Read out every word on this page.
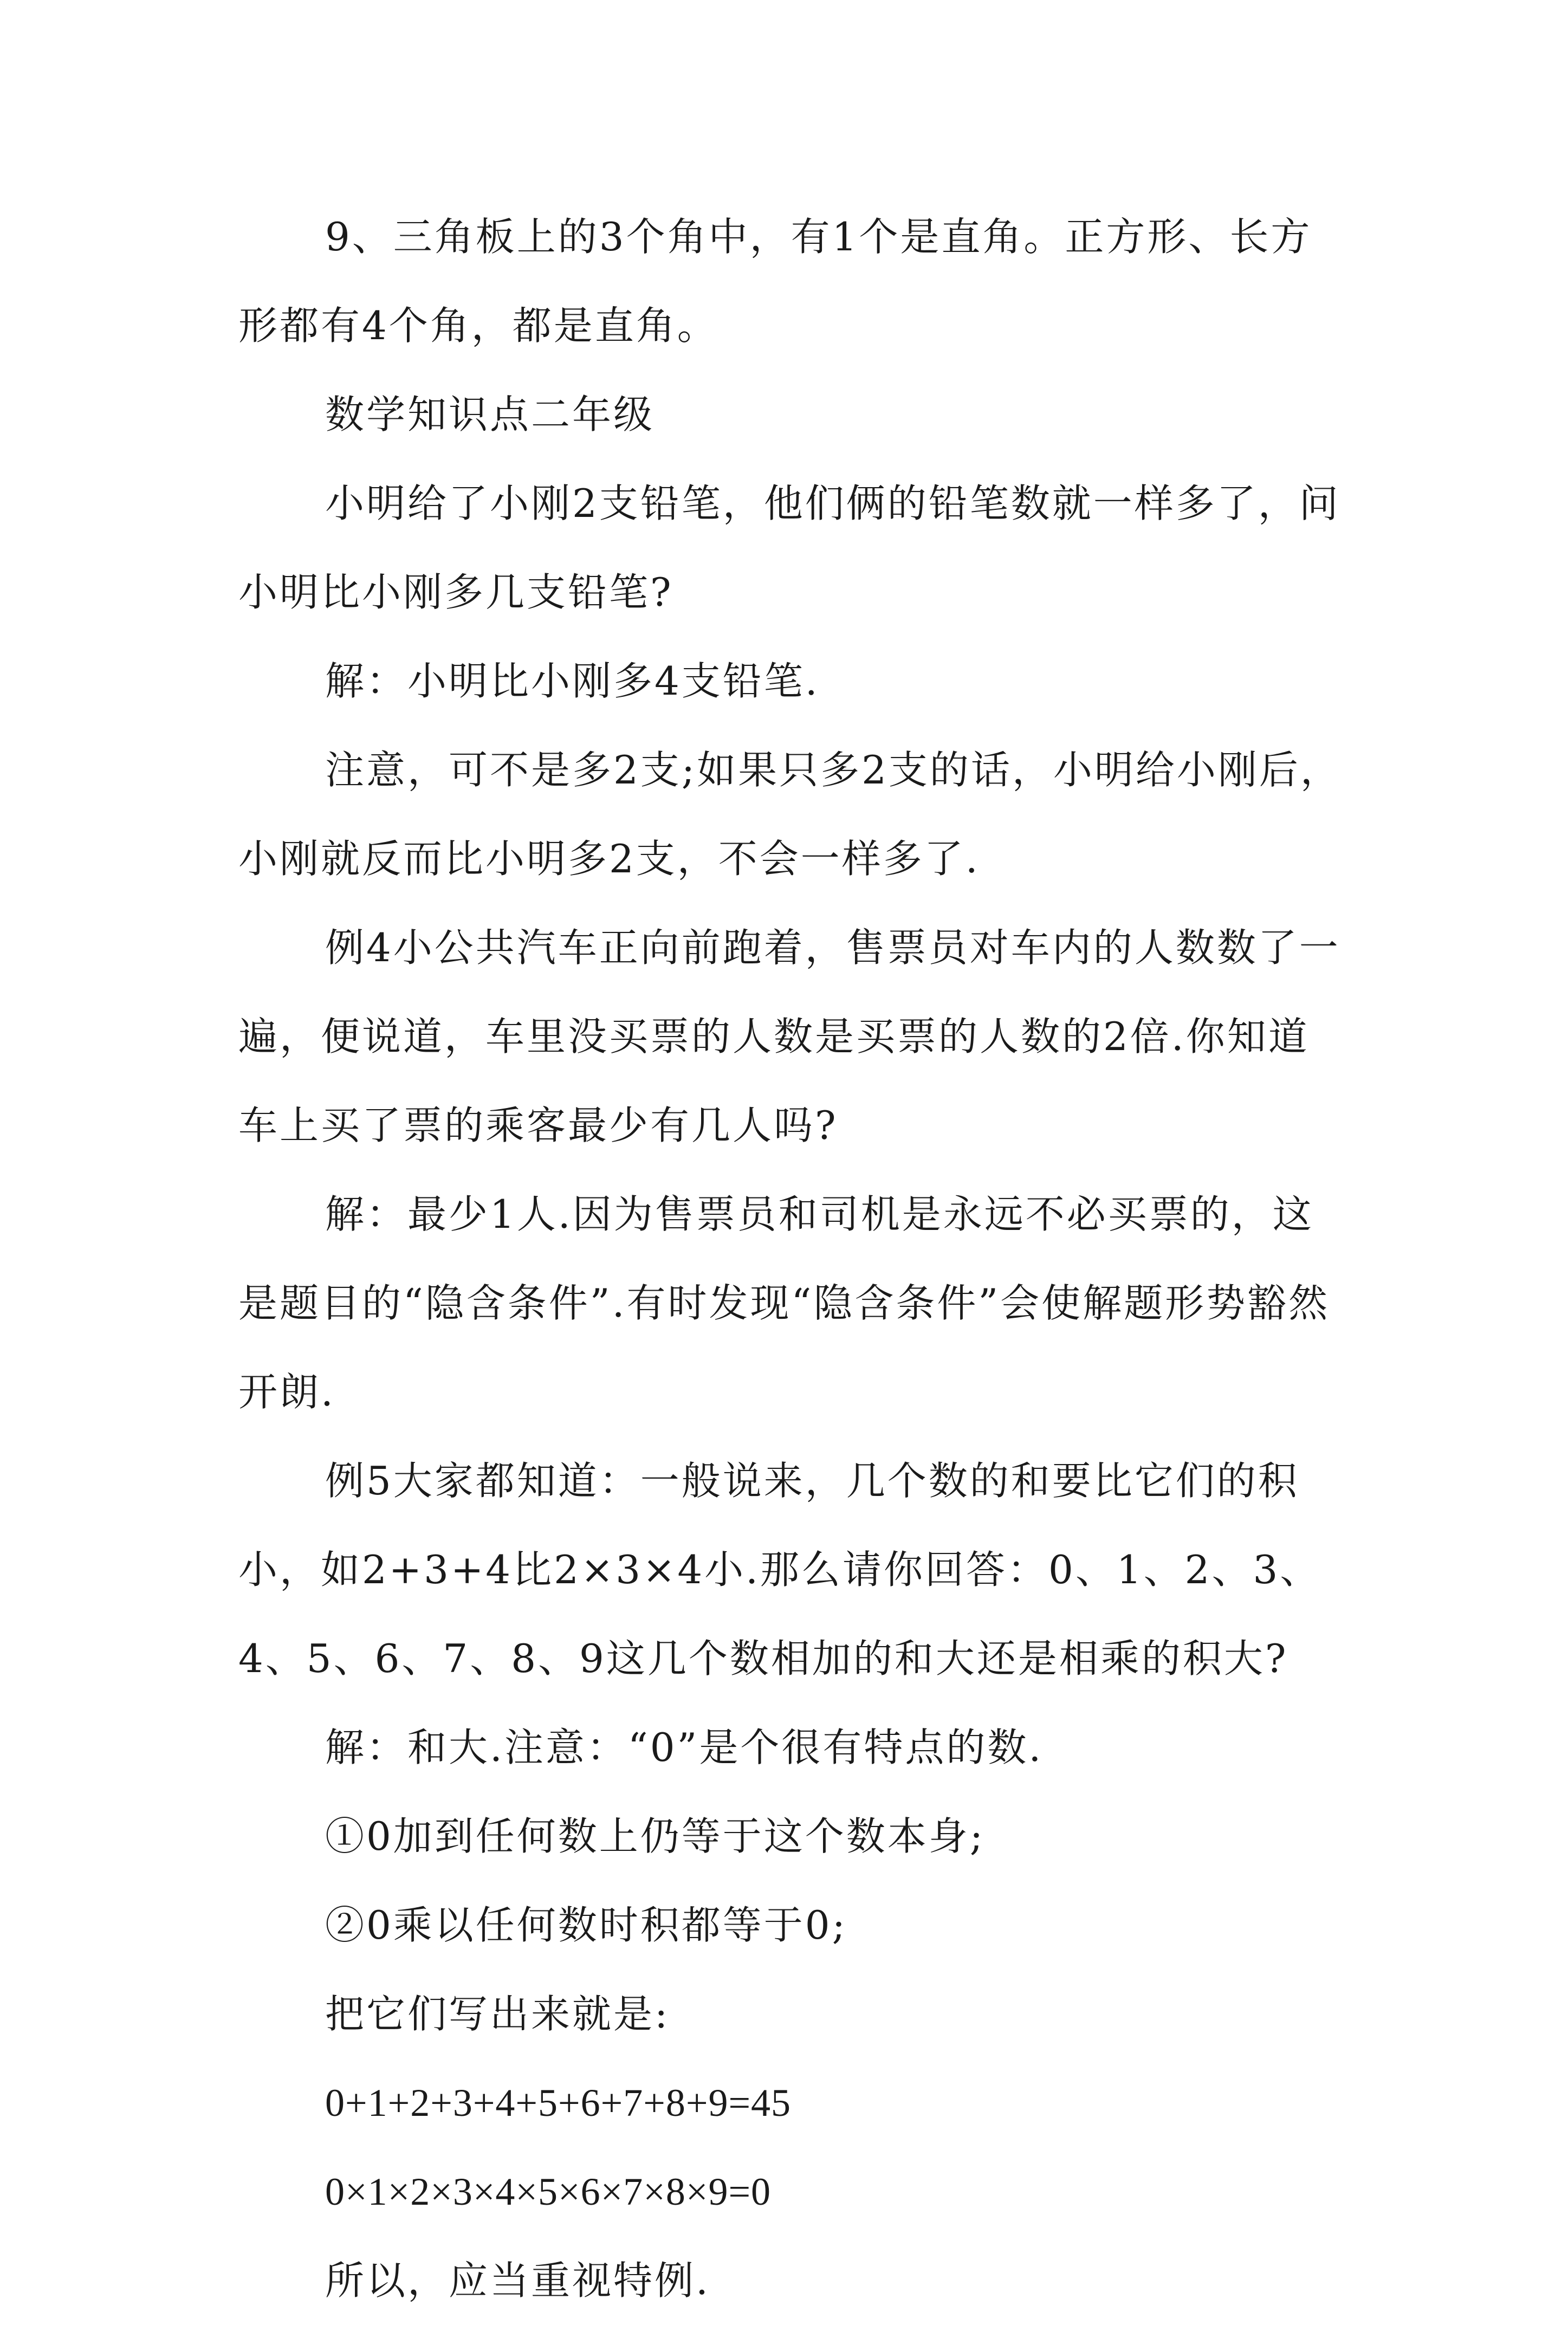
9、三角板上的3个角中，有1个是直角。正方形、长方形都有4个角，都是直角。

数学知识点二年级

小明给了小刚2支铅笔，他们俩的铅笔数就一样多了，问小明比小刚多几支铅笔?

解：小明比小刚多4支铅笔.

注意，可不是多2支;如果只多2支的话，小明给小刚后，小刚就反而比小明多2支，不会一样多了.

例4小公共汽车正向前跑着，售票员对车内的人数数了一遍，便说道，车里没买票的人数是买票的人数的2倍.你知道车上买了票的乘客最少有几人吗?

解：最少1人.因为售票员和司机是永远不必买票的，这是题目的“隐含条件”.有时发现“隐含条件”会使解题形势豁然开朗.

例5大家都知道：一般说来，几个数的和要比它们的积小，如2+3+4比2×3×4小.那么请你回答：0、1、2、3、4、5、6、7、8、9这几个数相加的和大还是相乘的积大?

解：和大.注意：“0”是个很有特点的数.

①0加到任何数上仍等于这个数本身;

②0乘以任何数时积都等于0;

把它们写出来就是:

0+1+2+3+4+5+6+7+8+9=45

0×1×2×3×4×5×6×7×8×9=0

所以，应当重视特例.
